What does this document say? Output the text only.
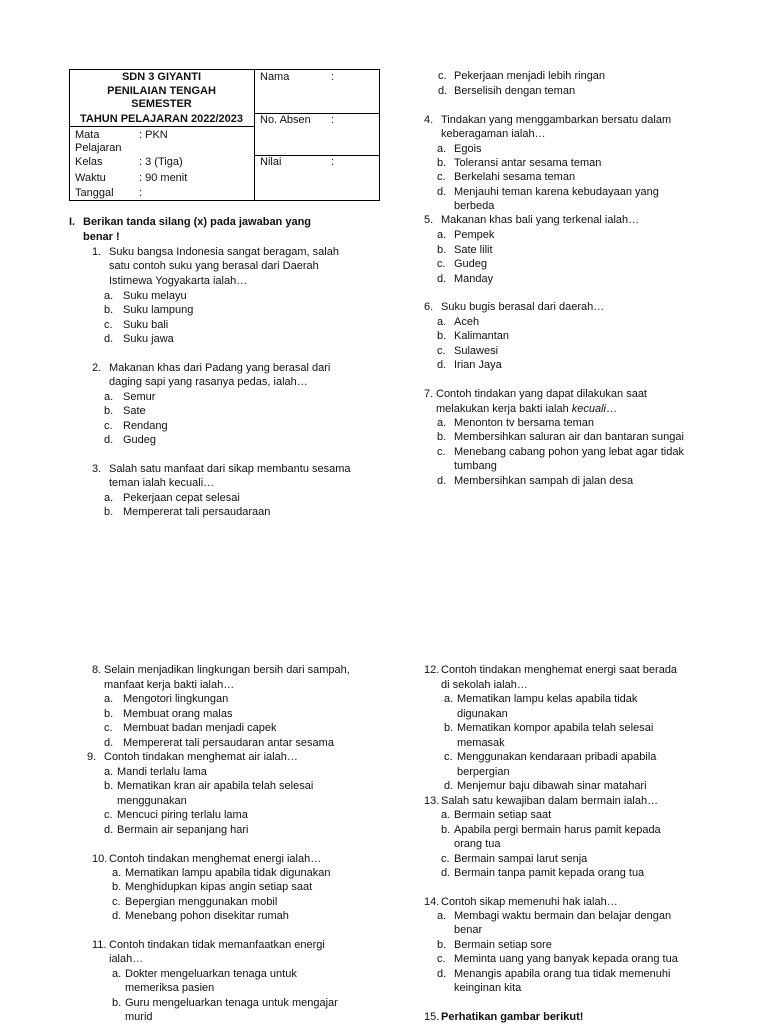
SDN 3 GIYANTI
PENILAIAN TENGAH
SEMESTER
TAHUN PELAJARAN 2022/2023
Mata
Pelajaran
: PKN
Kelas	: 3 (Tiga)
Waktu	: 90 menit
Tanggal :
Nama	:
No. Absen :
Nilai	:
I. Berikan tanda silang (x) pada jawaban yang
benar !
1. Suku bangsa Indonesia sangat beragam, salah
satu contoh suku yang berasal dari Daerah
Istimewa Yogyakarta ialah…
a. Suku melayu
b. Suku lampung
c. Suku bali
d. Suku jawa
2. Makanan khas dari Padang yang berasal dari
daging sapi yang rasanya pedas, ialah…
a. Semur
b. Sate
c. Rendang
d. Gudeg
3. Salah satu manfaat dari sikap membantu sesama
teman ialah kecuali…
a. Pekerjaan cepat selesai
b. Mempererat tali persaudaraan
c. Pekerjaan menjadi lebih ringan
d. Berselisih dengan teman
4. Tindakan yang menggambarkan bersatu dalam
keberagaman ialah…
a. Egois
b. Toleransi antar sesama teman
c. Berkelahi sesama teman
d. Menjauhi teman karena kebudayaan yang
berbeda
5. Makanan khas bali yang terkenal ialah…
a. Pempek
b. Sate lilit
c. Gudeg
d. Manday
6. Suku bugis berasal dari daerah…
a. Aceh
b. Kalimantan
c. Sulawesi
d. Irian Jaya
7. Contoh tindakan yang dapat dilakukan saat
melakukan kerja bakti ialah kecuali…
a. Menonton tv bersama teman
b. Membersihkan saluran air dan bantaran sungai
c. Menebang cabang pohon yang lebat agar tidak
tumbang
d. Membersihkan sampah di jalan desa
8. Selain menjadikan lingkungan bersih dari sampah,
manfaat kerja bakti ialah…
a. Mengotori lingkungan
b. Membuat orang malas
c. Membuat badan menjadi capek
d. Mempererat tali persaudaran antar sesama
9. Contoh tindakan menghemat air ialah…
a. Mandi terlalu lama
b. Mematikan kran air apabila telah selesai
menggunakan
c. Mencuci piring terlalu lama
d. Bermain air sepanjang hari
10. Contoh tindakan menghemat energi ialah…
a. Mematikan lampu apabila tidak digunakan
b. Menghidupkan kipas angin setiap saat
c. Bepergian menggunakan mobil
d. Menebang pohon disekitar rumah
11. Contoh tindakan tidak memanfaatkan energi
ialah…
a. Dokter mengeluarkan tenaga untuk
memeriksa pasien
b. Guru mengeluarkan tenaga untuk mengajar
murid
12. Contoh tindakan menghemat energi saat berada
di sekolah ialah…
a. Mematikan lampu kelas apabila tidak
digunakan
b. Mematikan kompor apabila telah selesai
memasak
c. Menggunakan kendaraan pribadi apabila
berpergian
d. Menjemur baju dibawah sinar matahari
13. Salah satu kewajiban dalam bermain ialah…
a. Bermain setiap saat
b. Apabila pergi bermain harus pamit kepada
orang tua
c. Bermain sampai larut senja
d. Bermain tanpa pamit kepada orang tua
14. Contoh sikap memenuhi hak ialah…
a. Membagi waktu bermain dan belajar dengan
benar
b. Bermain setiap sore
c. Meminta uang yang banyak kepada orang tua
d. Menangis apabila orang tua tidak memenuhi
keinginan kita
15. Perhatikan gambar berikut!
